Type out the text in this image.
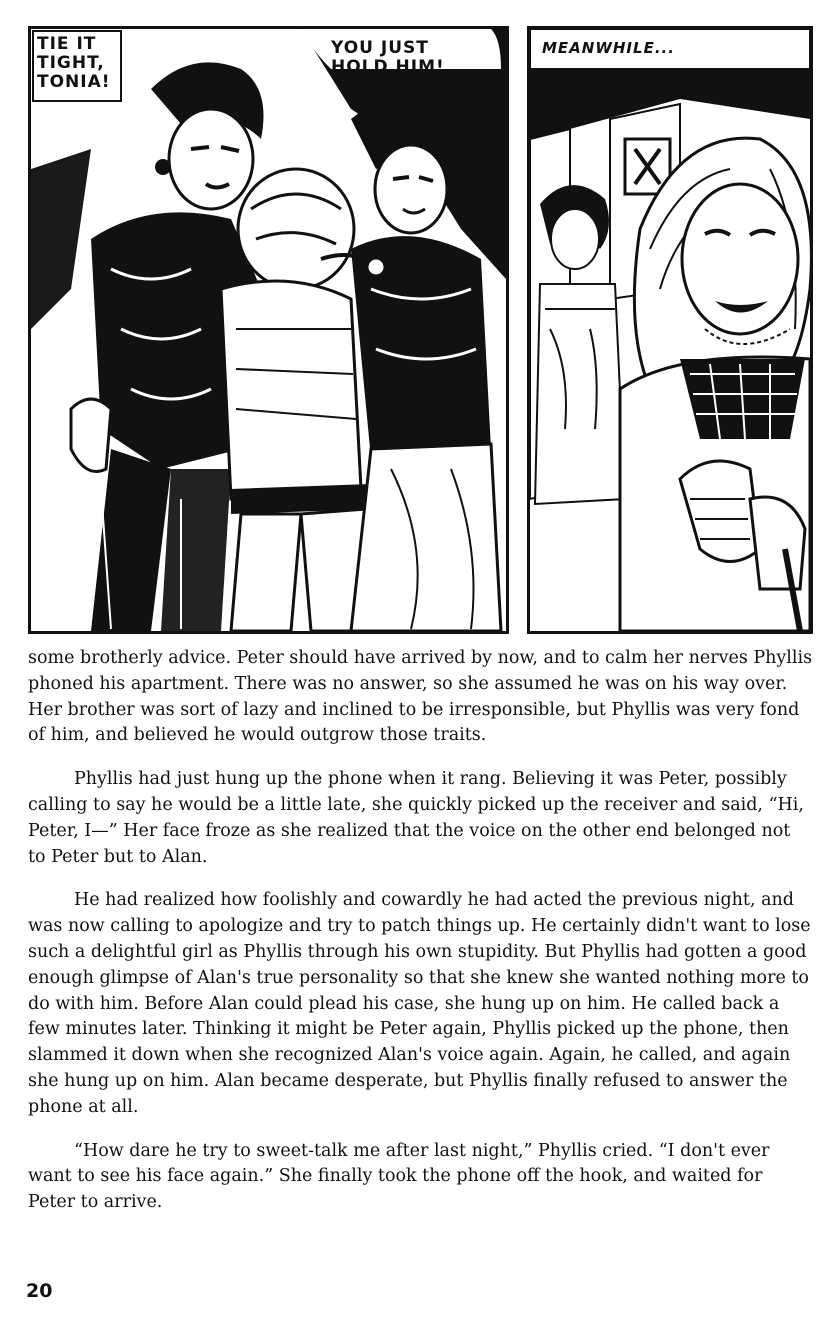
TIE IT
TIGHT,
TONIA!
YOU JUST
HOLD HIM!
MEANWHILE...

some brotherly advice. Peter should have arrived by now, and to calm her nerves Phyllis phoned his apartment. There was no answer, so she assumed he was on his way over. Her brother was sort of lazy and inclined to be irresponsible, but Phyllis was very fond of him, and believed he would outgrow those traits.

Phyllis had just hung up the phone when it rang. Believing it was Peter, possibly calling to say he would be a little late, she quickly picked up the receiver and said, “Hi, Peter, I—” Her face froze as she realized that the voice on the other end belonged not to Peter but to Alan.

He had realized how foolishly and cowardly he had acted the previous night, and was now calling to apologize and try to patch things up. He certainly didn't want to lose such a delightful girl as Phyllis through his own stupidity. But Phyllis had gotten a good enough glimpse of Alan's true personality so that she knew she wanted nothing more to do with him. Before Alan could plead his case, she hung up on him. He called back a few minutes later. Thinking it might be Peter again, Phyllis picked up the phone, then slammed it down when she recognized Alan's voice again. Again, he called, and again she hung up on him. Alan became desperate, but Phyllis finally refused to answer the phone at all.

“How dare he try to sweet-talk me after last night,” Phyllis cried. “I don't ever want to see his face again.” She finally took the phone off the hook, and waited for Peter to arrive.

20
